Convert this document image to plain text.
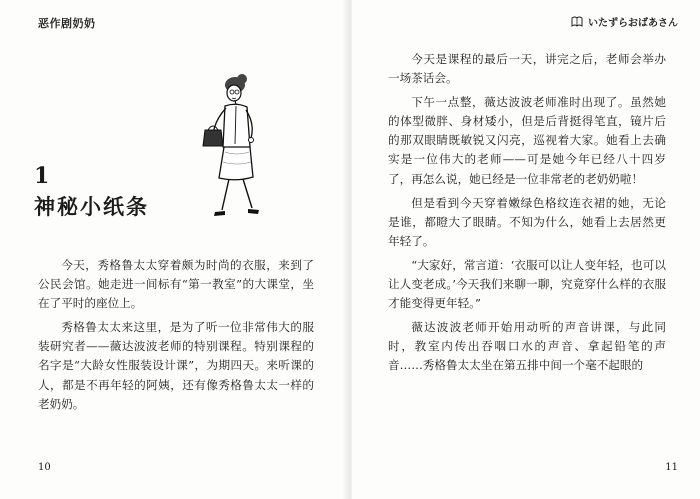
恶作剧奶奶
1
神秘小纸条

今天，秀格鲁太太穿着颇为时尚的衣服，来到了公民会馆。她走进一间标有“第一教室”的大课堂，坐在了平时的座位上。

秀格鲁太太来这里，是为了听一位非常伟大的服装研究者——薇达波波老师的特别课程。特别课程的名字是“大龄女性服装设计课”，为期四天。来听课的人，都是不再年轻的阿姨，还有像秀格鲁太太一样的老奶奶。

10
いたずらおばあさん

今天是课程的最后一天，讲完之后，老师会举办一场茶话会。

下午一点整，薇达波波老师准时出现了。虽然她的体型微胖、身材矮小，但是后背挺得笔直，镜片后的那双眼睛既敏锐又闪亮，巡视着大家。她看上去确实是一位伟大的老师——可是她今年已经八十四岁了，再怎么说，她已经是一位非常老的老奶奶啦！

但是看到今天穿着嫩绿色格纹连衣裙的她，无论是谁，都瞪大了眼睛。不知为什么，她看上去居然更年轻了。

“大家好，常言道：‘衣服可以让人变年轻，也可以让人变老成。’今天我们来聊一聊，究竟穿什么样的衣服才能变得更年轻。”

薇达波波老师开始用动听的声音讲课，与此同时，教室内传出吞咽口水的声音、拿起铅笔的声音……秀格鲁太太坐在第五排中间一个毫不起眼的

11
